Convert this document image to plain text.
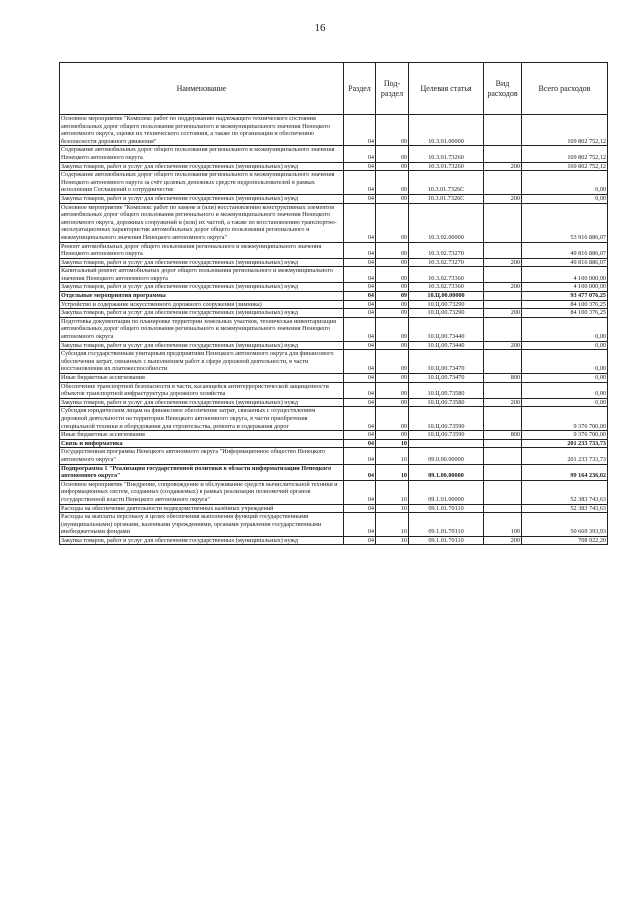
16
Наименование	Раздел	Под-раздел	Целевая статья	Вид расходов	Всего расходов
Основное мероприятие "Комплекс работ по поддержанию надлежащего технического состояния автомобильных дорог общего пользования регионального и межмуниципального значения Ненецкого автономного округа, оценке их технического состояния, а также по организации и обеспечению безопасности дорожного движения"	04	09	10.3.01.00000		169 802 752,12
Содержание автомобильных дорог общего пользования регионального и межмуниципального значения Ненецкого автономного округа	04	09	10.3.01.73260		169 802 752,12
Закупка товаров, работ и услуг для обеспечения государственных (муниципальных) нужд	04	09	10.3.01.73260	200	169 802 752,12
Содержание автомобильных дорог общего пользования регионального и межмуниципального значения Ненецкого автономного округа за счёт целевых денежных средств недропользователей в рамках исполнения Соглашений о сотрудничестве	04	09	10.3.01.7326С		0,00
Закупка товаров, работ и услуг для обеспечения государственных (муниципальных) нужд	04	09	10.3.01.7326С	200	0,00
Основное мероприятие "Комплекс работ по замене и (или) восстановлению конструктивных элементов автомобильных дорог общего пользования регионального и межмуниципального значения Ненецкого автономного округа, дорожных сооружений и (или) их частей, а также по восстановлению транспортно-эксплуатационных характеристик автомобильных дорог общего пользования регионального и межмуниципального значения Ненецкого автономного округа"	04	09	10.3.02.00000		53 916 886,07
Ремонт автомобильных дорог общего пользования регионального и межмуниципального значения Ненецкого автономного округа	04	09	10.3.02.73270		49 816 886,07
Закупка товаров, работ и услуг для обеспечения государственных (муниципальных) нужд	04	09	10.3.02.73270	200	49 816 886,07
Капитальный ремонт автомобильных дорог общего пользования регионального и межмуниципального значения Ненецкого автономного округа	04	09	10.3.02.73360		4 100 000,00
Закупка товаров, работ и услуг для обеспечения государственных (муниципальных) нужд	04	09	10.3.02.73360	200	4 100 000,00
Отдельные мероприятия программы	04	09	10.Ц.00.00000		93 477 076,25
Устройство и содержание искусственного дорожного сооружения (зимника)	04	09	10.Ц.00.73290		84 100 376,25
Закупка товаров, работ и услуг для обеспечения государственных (муниципальных) нужд	04	09	10.Ц.00.73290	200	84 100 376,25
Подготовка документации по планировке территории земельных участков, техническая инвентаризация автомобильных дорог общего пользования регионального и межмуниципального значения Ненецкого автономного округа	04	09	10.Ц.00.73440		0,00
Закупка товаров, работ и услуг для обеспечения государственных (муниципальных) нужд	04	09	10.Ц.00.73440	200	0,00
Субсидия государственным унитарным предприятиям Ненецкого автономного округа для финансового обеспечения затрат, связанных с выполнением работ в сфере дорожной деятельности, в части восстановления их платежеспособности	04	09	10.Ц.00.73470		0,00
Иные бюджетные ассигнования	04	09	10.Ц.00.73470	800	0,00
Обеспечение транспортной безопасности в части, касающейся антитеррористической защищенности объектов транспортной инфраструктуры дорожного хозяйства	04	09	10.Ц.00.73580		0,00
Закупка товаров, работ и услуг для обеспечения государственных (муниципальных) нужд	04	09	10.Ц.00.73580	200	0,00
Субсидия юридическим лицам на финансовое обеспечение затрат, связанных с осуществлением дорожной деятельности на территории Ненецкого автономного округа, в части приобретения специальной техники и оборудования для строительства, ремонта и содержания дорог	04	09	10.Ц.00.73590		9 376 700,00
Иные бюджетные ассигнования	04	09	10.Ц.00.73590	800	9 376 700,00
Связь и информатика	04	10			201 233 733,73
Государственная программа Ненецкого автономного округа "Информационное общество Ненецкого автономного округа"	04	10	09.0.00.00000		201 233 733,73
Подпрограмма 1 "Реализация государственной политики в области информатизации Ненецкого автономного округа"	04	10	09.1.00.00000		99 164 236,02
Основное мероприятие "Внедрение, сопровождение и обслуживание средств вычислительной техники и информационных систем, созданных (создаваемых) в рамках реализации полномочий органов государственной власти Ненецкого автономного округа"	04	10	09.1.01.00000		52 383 743,63
Расходы на обеспечение деятельности подведомственных казённых учреждений	04	10	09.1.01.70110		52 383 743,63
Расходы на выплаты персоналу в целях обеспечения выполнения функций государственными (муниципальными) органами, казенными учреждениями, органами управления государственными внебюджетными фондами	04	10	09.1.01.70110	100	50 669 393,93
Закупка товаров, работ и услуг для обеспечения государственных (муниципальных) нужд	04	10	09.1.01.70110	200	708 922,20
